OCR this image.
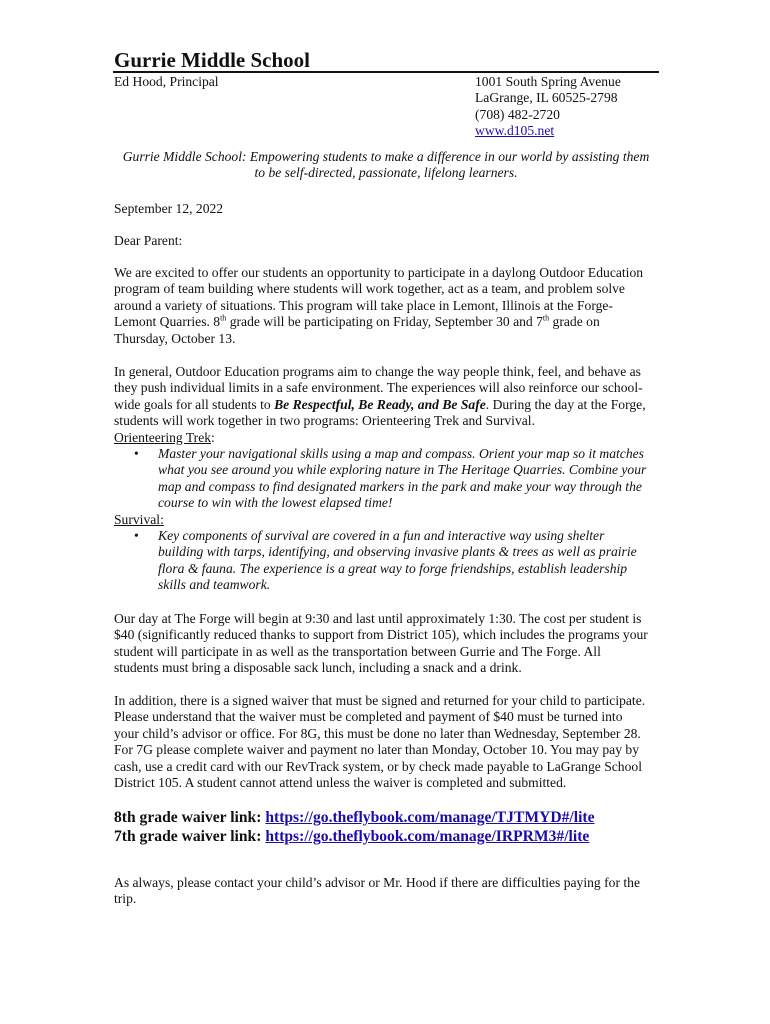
Gurrie Middle School
Ed Hood, Principal	1001 South Spring Avenue
LaGrange, IL 60525-2798
(708) 482-2720
www.d105.net
Gurrie Middle School: Empowering students to make a difference in our world by assisting them
to be self-directed, passionate, lifelong learners.
September 12, 2022
Dear Parent:
We are excited to offer our students an opportunity to participate in a daylong Outdoor Education
program of team building where students will work together, act as a team, and problem solve
around a variety of situations. This program will take place in Lemont, Illinois at the Forge-
Lemont Quarries. 8th grade will be participating on Friday, September 30 and 7th grade on
Thursday, October 13.
In general, Outdoor Education programs aim to change the way people think, feel, and behave as
they push individual limits in a safe environment. The experiences will also reinforce our school-
wide goals for all students to Be Respectful, Be Ready, and Be Safe. During the day at the Forge,
students will work together in two programs: Orienteering Trek and Survival.
Orienteering Trek:
• Master your navigational skills using a map and compass. Orient your map so it matches
what you see around you while exploring nature in The Heritage Quarries. Combine your
map and compass to find designated markers in the park and make your way through the
course to win with the lowest elapsed time!
Survival:
• Key components of survival are covered in a fun and interactive way using shelter
building with tarps, identifying, and observing invasive plants & trees as well as prairie
flora & fauna. The experience is a great way to forge friendships, establish leadership
skills and teamwork.
Our day at The Forge will begin at 9:30 and last until approximately 1:30. The cost per student is
$40 (significantly reduced thanks to support from District 105), which includes the programs your
student will participate in as well as the transportation between Gurrie and The Forge. All
students must bring a disposable sack lunch, including a snack and a drink.
In addition, there is a signed waiver that must be signed and returned for your child to participate.
Please understand that the waiver must be completed and payment of $40 must be turned into
your child’s advisor or office. For 8G, this must be done no later than Wednesday, September 28.
For 7G please complete waiver and payment no later than Monday, October 10. You may pay by
cash, use a credit card with our RevTrack system, or by check made payable to LaGrange School
District 105. A student cannot attend unless the waiver is completed and submitted.
8th grade waiver link: https://go.theflybook.com/manage/TJTMYD#/lite
7th grade waiver link: https://go.theflybook.com/manage/IRPRM3#/lite
As always, please contact your child’s advisor or Mr. Hood if there are difficulties paying for the
trip.
